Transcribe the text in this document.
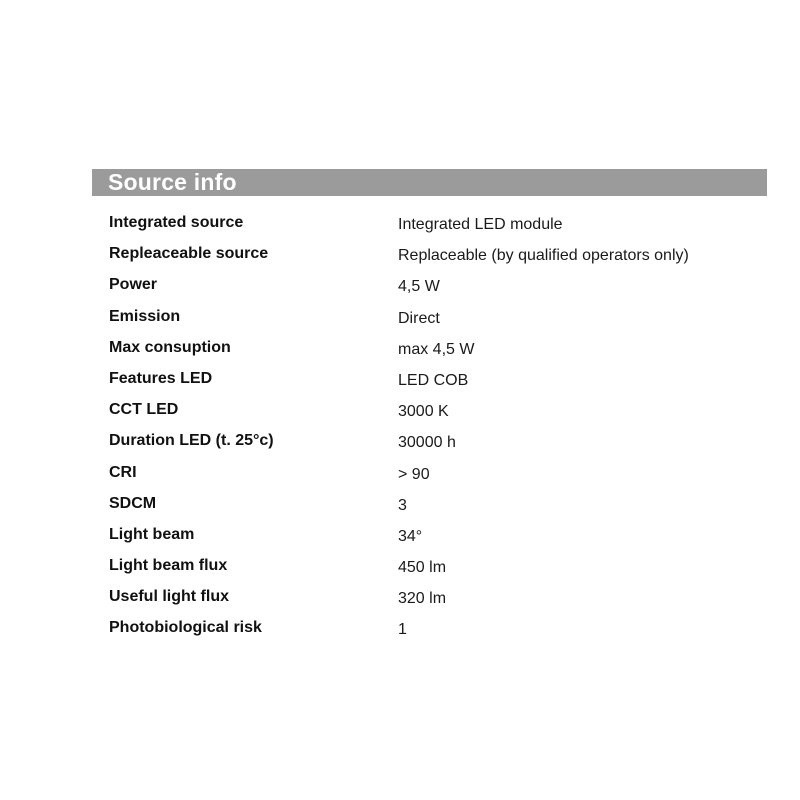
Source info
Integrated source	Integrated LED module
Repleaceable source	Replaceable (by qualified operators only)
Power	4,5 W
Emission	Direct
Max consuption	max 4,5 W
Features LED	LED COB
CCT LED	3000 K
Duration LED (t. 25°c)	30000 h
CRI	> 90
SDCM	3
Light beam	34°
Light beam flux	450 lm
Useful light flux	320 lm
Photobiological risk	1
